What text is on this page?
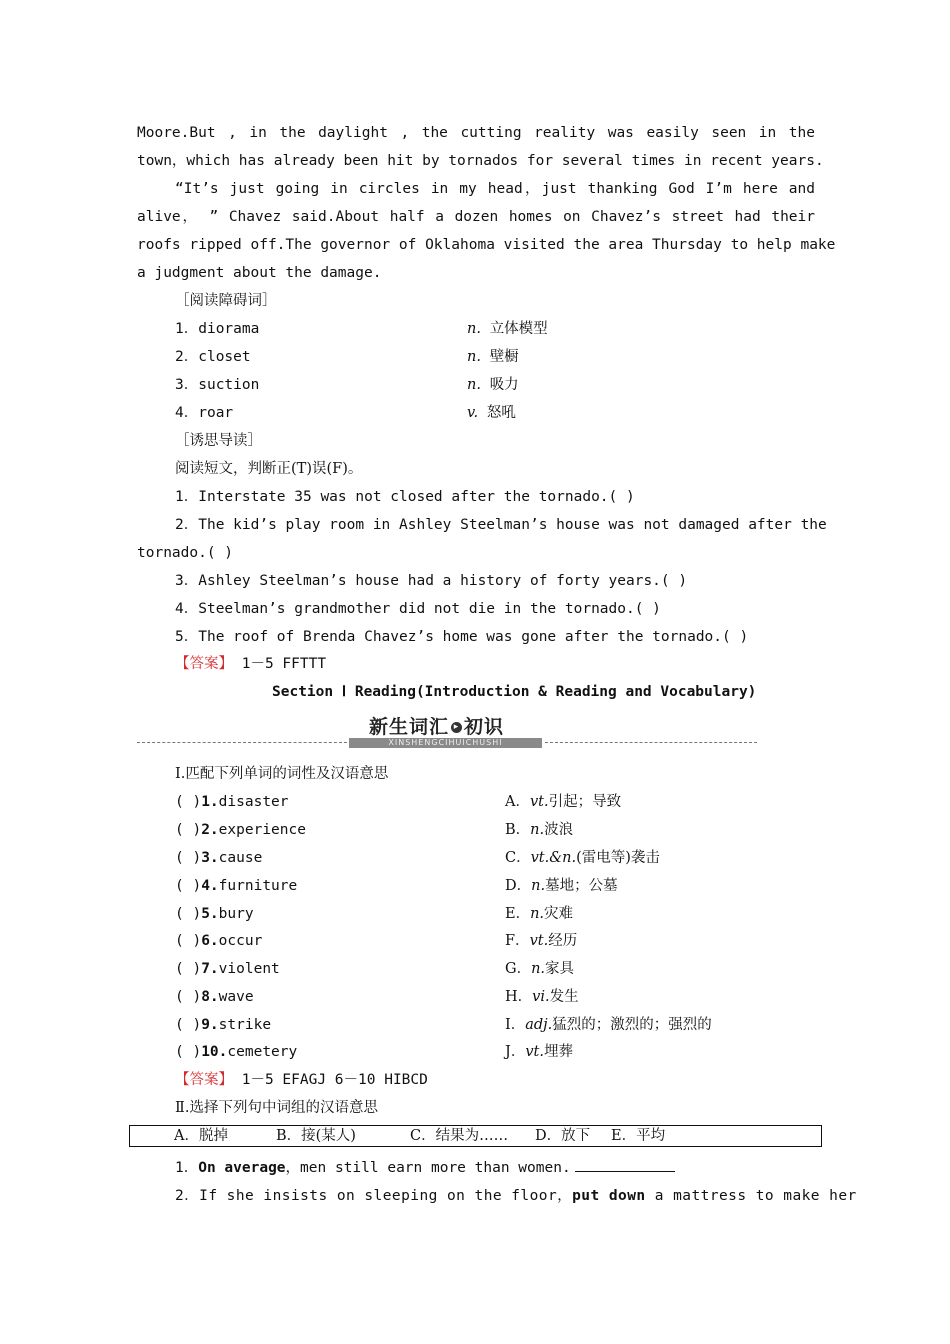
Moore.But , in the daylight , the cutting reality was easily seen in the
town，which has already been hit by tornados for several times in recent years.
“It’s just going in circles in my head，just thanking God I’m here and
alive， ” Chavez said.About half a dozen homes on Chavez’s street had their
roofs ripped off.The governor of Oklahoma visited the area Thursday to help make
a judgment about the damage.
［阅读障碍词］
1．diorama	n. 立体模型
2．closet	n. 壁橱
3．suction	n. 吸力
4．roar	v. 怒吼
［诱思导读］
阅读短文，判断正(T)误(F)。
1．Interstate 35 was not closed after the tornado.( )
2．The kid’s play room in Ashley Steelman’s house was not damaged after the
tornado.( )
3．Ashley Steelman’s house had a history of forty years.( )
4．Steelman’s grandmother did not die in the tornado.( )
5．The roof of Brenda Chavez’s home was gone after the tornado.( )
【答案】 1－5 FFTTT
Section Ⅰ Reading(Introduction & Reading and Vocabulary)
新生词汇 ▸ 初识
XINSHENGCIHUICHUSHI
Ⅰ.匹配下列单词的词性及汉语意思
( )1.disaster	A．vt.引起；导致
( )2.experience	B．n.波浪
( )3.cause	C．vt.&n.(雷电等)袭击
( )4.furniture	D．n.墓地；公墓
( )5.bury	E．n.灾难
( )6.occur	F．vt.经历
( )7.violent	G．n.家具
( )8.wave	H．vi.发生
( )9.strike	I．adj.猛烈的；激烈的；强烈的
( )10.cemetery	J．vt.埋葬
【答案】 1－5 EFAGJ 6－10 HIBCD
Ⅱ.选择下列句中词组的汉语意思
A．脱掉	B．接(某人)	C．结果为…… D．放下 E．平均
1．On average，men still earn more than women.
2．If she insists on sleeping on the floor，put down a mattress to make her
